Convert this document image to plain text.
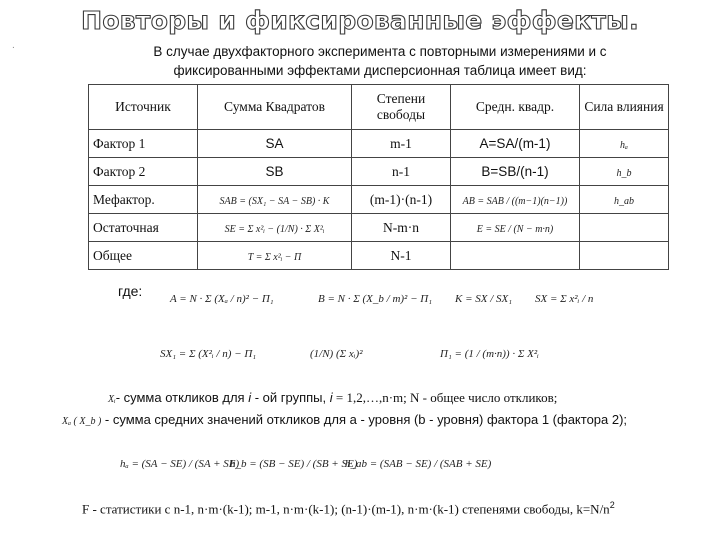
Повторы и фиксированные эффекты.
.	В случае двухфакторного эксперимента с повторными измерениями и с фиксированными эффектами дисперсионная таблица имеет вид:
Источник	Сумма Квадратов	Степени свободы	Средн. квадр.	Сила влияния
Фактор 1	SA	m-1	A=SA/(m-1)	hₐ
Фактор 2	SB	n-1	B=SB/(n-1)	h_b
Мефактор.	SAB = (SX₁ − SA − SB) · K	(m-1)·(n-1)	AB = SAB / ((m−1)(n−1))	h_ab
Остаточная	SE = Σ x²ᵢ − (1/N) · Σ X²ᵢ	N-m·n	E = SE / (N − m·n)	
Общее	T = Σ x²ᵢ − Π	N-1		
где:	A = N · Σ (Xₐ / n)² − Π₁	B = N · Σ (X_b / m)² − Π₁ K = SX / SX₁ SX = Σ x²ᵢ / n
SX₁ = Σ (X²ᵢ / n) − Π₁	(1/N) (Σ xᵢ)²	Π₁ = (1 / (m·n)) · Σ X²ᵢ
Xᵢ- сумма откликов для i - ой группы, i = 1,2,…,n·m; N - общее число откликов;
Xₐ ( X_b ) - сумма средних значений откликов для a - уровня (b - уровня) фактора 1 (фактора 2);
hₐ = (SA − SE) / (SA + SE)
h_b = (SB − SE) / (SB + SE)
h_ab = (SAB − SE) / (SAB + SE)
F - статистики с n-1, n·m·(k-1); m-1, n·m·(k-1); (n-1)·(m-1), n·m·(k-1) степенями свободы, $k=N/n^2$
